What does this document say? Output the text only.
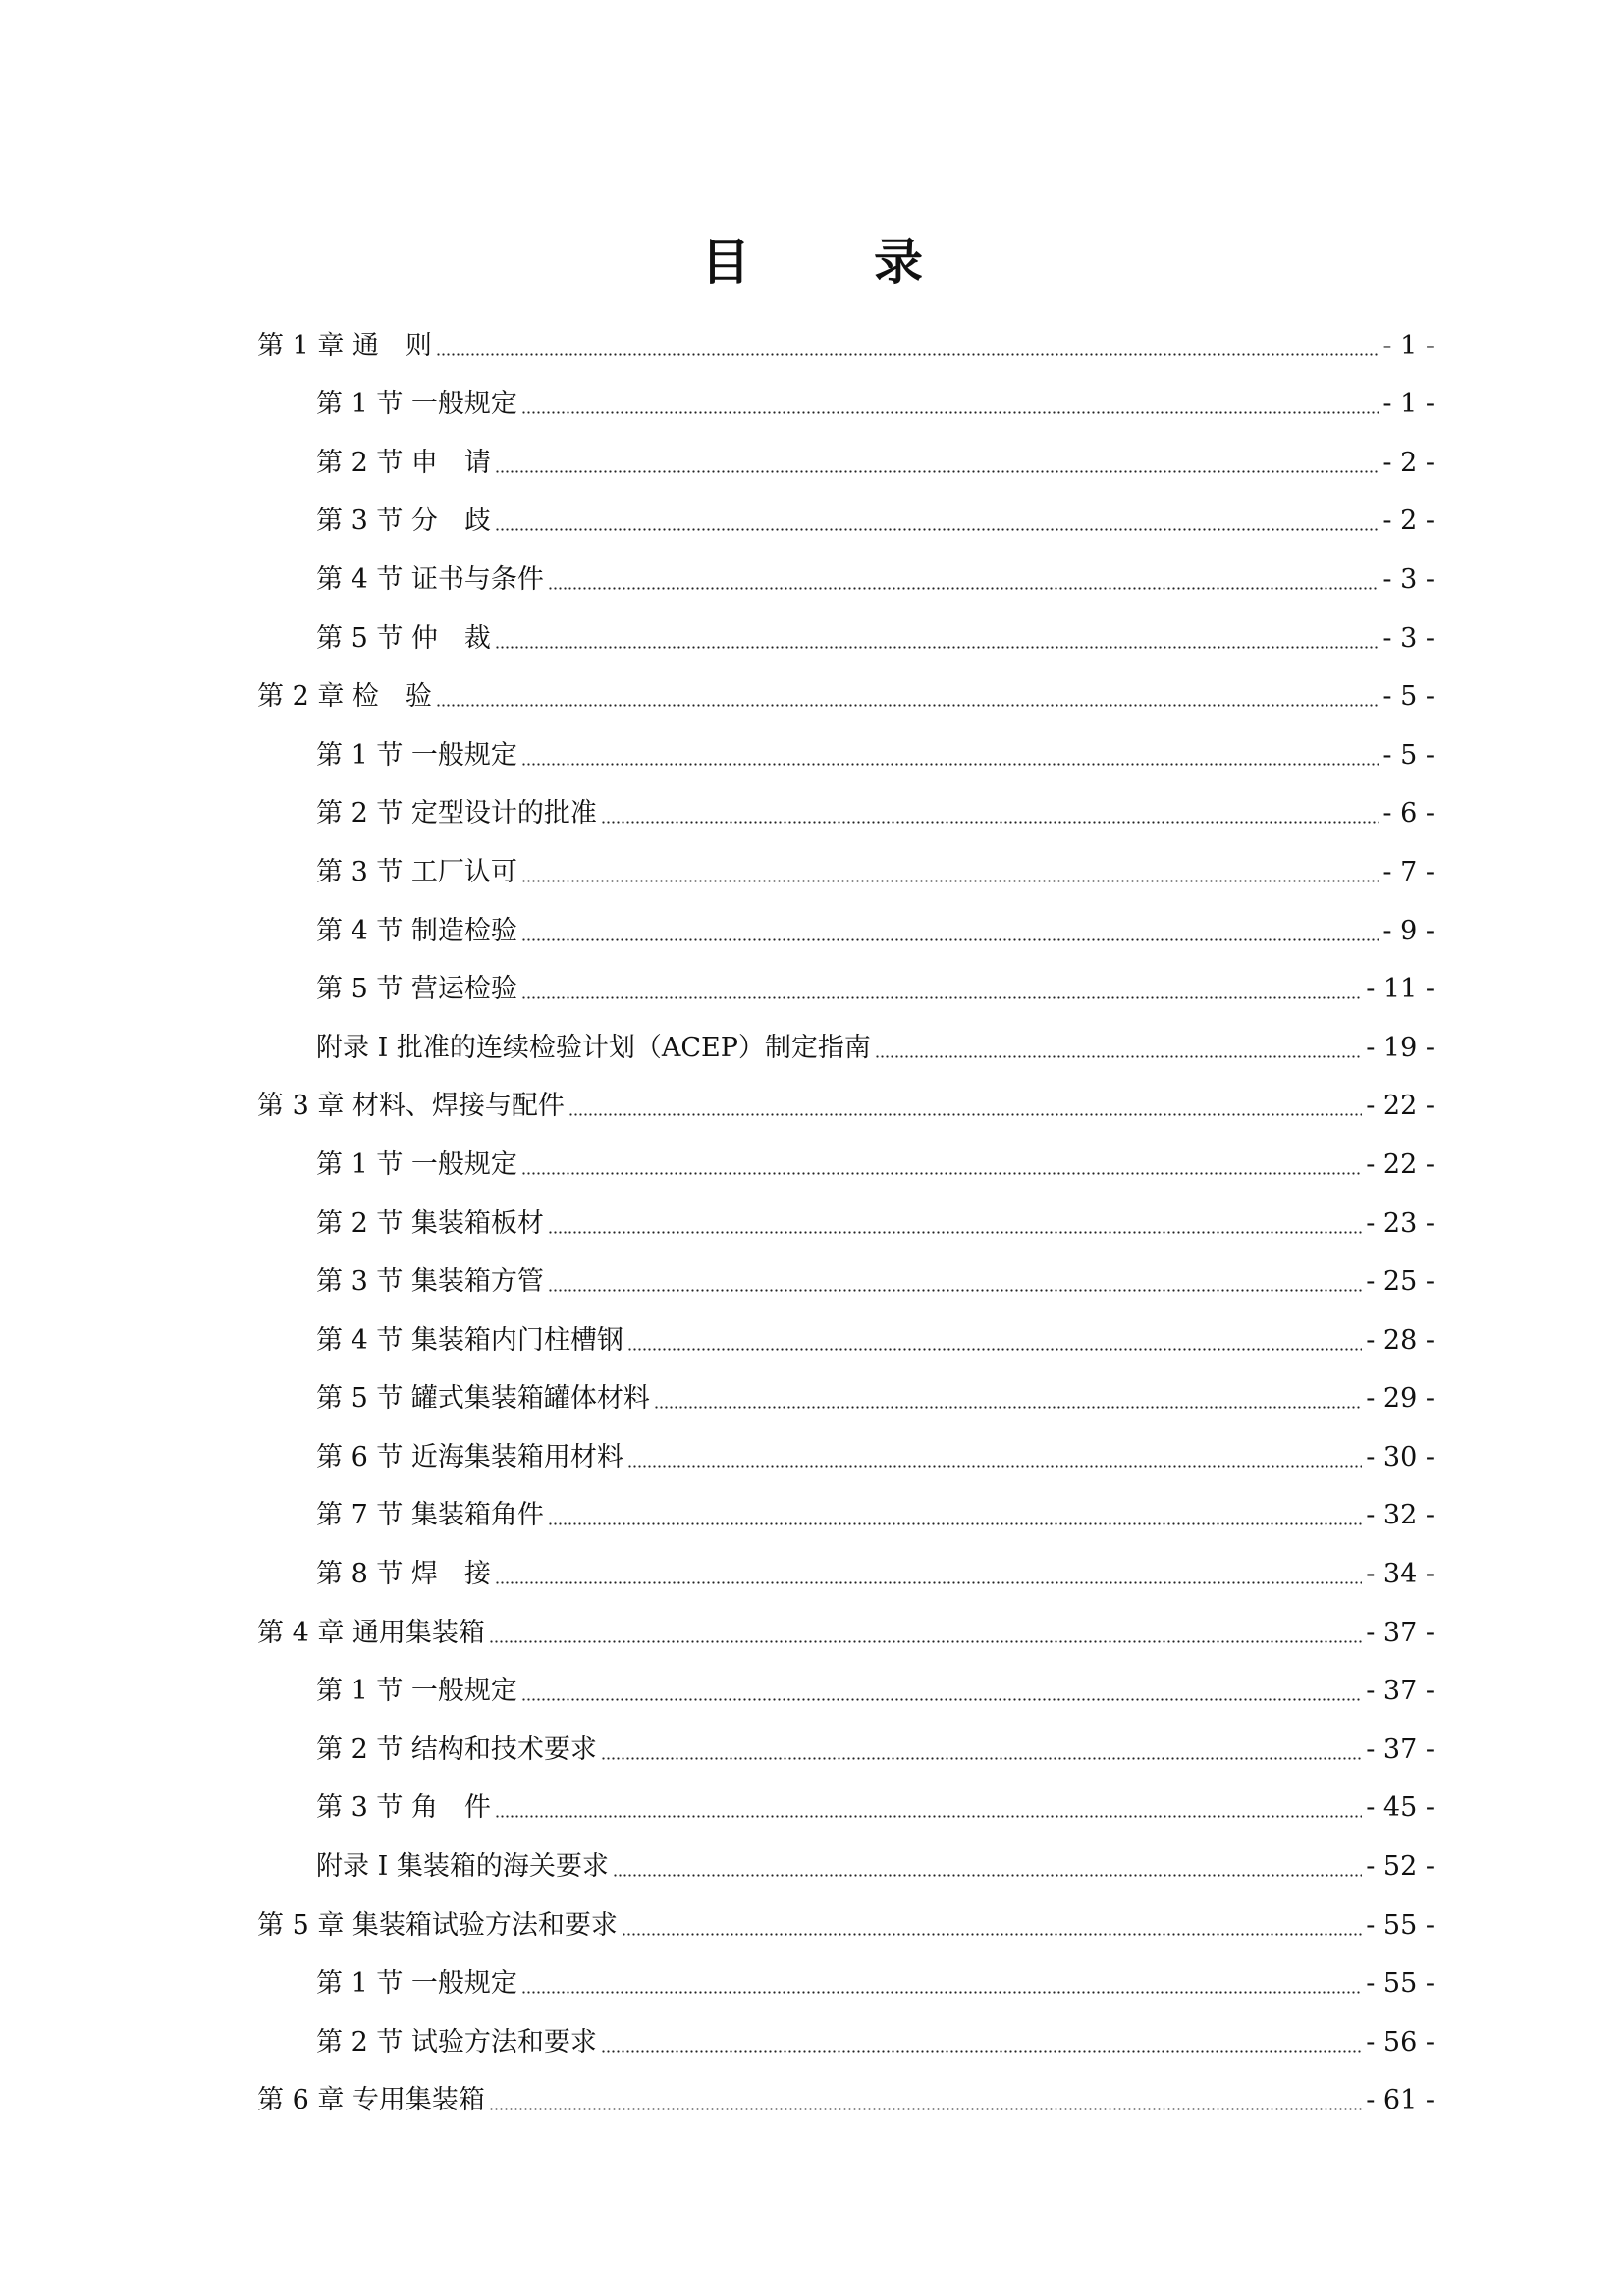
目　录
第 1 章 通　则	- 1 -
第 1 节 一般规定	- 1 -
第 2 节 申　请	- 2 -
第 3 节 分　歧	- 2 -
第 4 节 证书与条件	- 3 -
第 5 节 仲　裁	- 3 -
第 2 章 检　验	- 5 -
第 1 节 一般规定	- 5 -
第 2 节 定型设计的批准	- 6 -
第 3 节 工厂认可	- 7 -
第 4 节 制造检验	- 9 -
第 5 节 营运检验	- 11 -
附录 I 批准的连续检验计划（ACEP）制定指南	- 19 -
第 3 章 材料、焊接与配件	- 22 -
第 1 节 一般规定	- 22 -
第 2 节 集装箱板材	- 23 -
第 3 节 集装箱方管	- 25 -
第 4 节 集装箱内门柱槽钢	- 28 -
第 5 节 罐式集装箱罐体材料	- 29 -
第 6 节 近海集装箱用材料	- 30 -
第 7 节 集装箱角件	- 32 -
第 8 节 焊　接	- 34 -
第 4 章 通用集装箱	- 37 -
第 1 节 一般规定	- 37 -
第 2 节 结构和技术要求	- 37 -
第 3 节 角　件	- 45 -
附录 I 集装箱的海关要求	- 52 -
第 5 章 集装箱试验方法和要求	- 55 -
第 1 节 一般规定	- 55 -
第 2 节 试验方法和要求	- 56 -
第 6 章 专用集装箱	- 61 -
